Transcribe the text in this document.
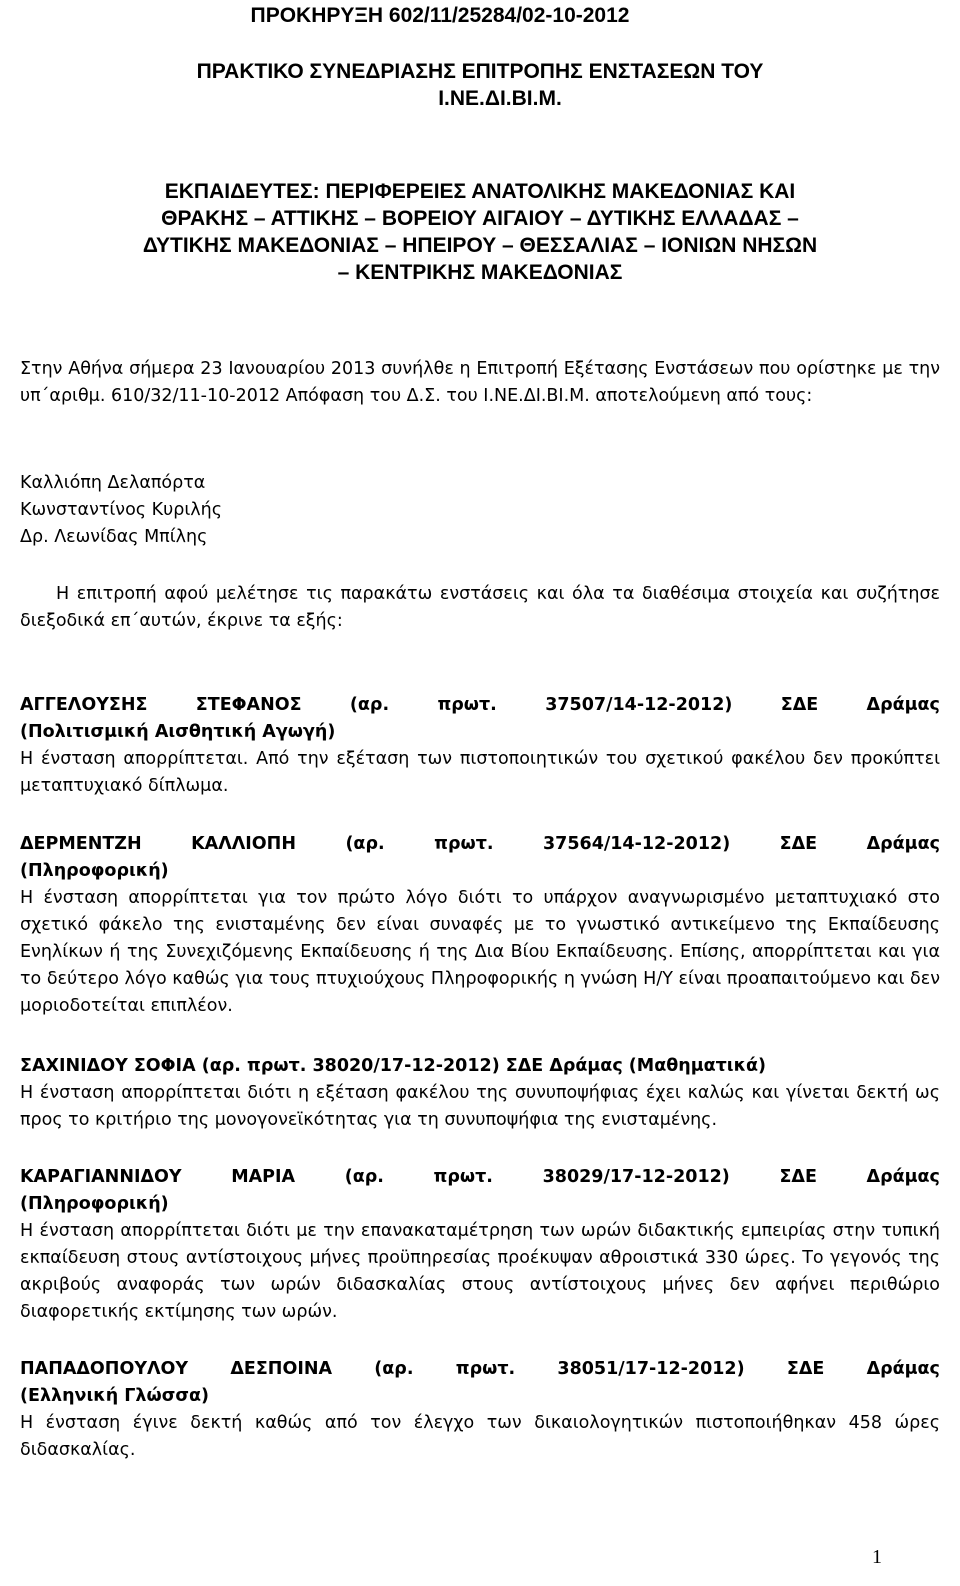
ΠΡΟΚΗΡΥΞΗ 602/11/25284/02-10-2012

ΠΡΑΚΤΙΚΟ ΣΥΝΕΔΡΙΑΣΗΣ ΕΠΙΤΡΟΠΗΣ ΕΝΣΤΑΣΕΩΝ ΤΟΥ

Ι.ΝΕ.ΔΙ.ΒΙ.Μ.

ΕΚΠΑΙΔΕΥΤΕΣ: ΠΕΡΙΦΕΡΕΙΕΣ ΑΝΑΤΟΛΙΚΗΣ ΜΑΚΕΔΟΝΙΑΣ ΚΑΙ

ΘΡΑΚΗΣ – ΑΤΤΙΚΗΣ – ΒΟΡΕΙΟΥ ΑΙΓΑΙΟΥ – ΔΥΤΙΚΗΣ ΕΛΛΑΔΑΣ –

ΔΥΤΙΚΗΣ ΜΑΚΕΔΟΝΙΑΣ – ΗΠΕΙΡΟΥ – ΘΕΣΣΑΛΙΑΣ – ΙΟΝΙΩΝ ΝΗΣΩΝ

– ΚΕΝΤΡΙΚΗΣ ΜΑΚΕΔΟΝΙΑΣ

Στην Αθήνα σήμερα 23 Ιανουαρίου 2013 συνήλθε η Επιτροπή Εξέτασης Ενστάσεων που ορίστηκε με την υπ΄αριθμ. 610/32/11-10-2012 Απόφαση του Δ.Σ. του Ι.ΝΕ.ΔΙ.ΒΙ.Μ. αποτελούμενη από τους:

Καλλιόπη Δελαπόρτα
Κωνσταντίνος Κυριλής
Δρ. Λεωνίδας Μπίλης

Η επιτροπή αφού μελέτησε τις παρακάτω ενστάσεις και όλα τα διαθέσιμα στοιχεία και συζήτησε διεξοδικά επ΄αυτών, έκρινε τα εξής:

ΑΓΓΕΛΟΥΣΗΣ	ΣΤΕΦΑΝΟΣ	(αρ.	πρωτ.	37507/14-12-2012)	ΣΔΕ	Δράμας
(Πολιτισμική Αισθητική Αγωγή)
Η ένσταση απορρίπτεται. Από την εξέταση των πιστοποιητικών του σχετικού φακέλου δεν προκύπτει μεταπτυχιακό δίπλωμα.
ΔΕΡΜΕΝΤΖΗ	ΚΑΛΛΙΟΠΗ	(αρ.	πρωτ.	37564/14-12-2012)	ΣΔΕ	Δράμας
(Πληροφορική)
Η ένσταση απορρίπτεται για τον πρώτο λόγο διότι το υπάρχον αναγνωρισμένο μεταπτυχιακό στο σχετικό φάκελο της ενισταμένης δεν είναι συναφές με το γνωστικό αντικείμενο της Εκπαίδευσης Ενηλίκων ή της Συνεχιζόμενης Εκπαίδευσης ή της Δια Βίου Εκπαίδευσης. Επίσης, απορρίπτεται και για το δεύτερο λόγο καθώς για τους πτυχιούχους Πληροφορικής η γνώση Η/Υ είναι προαπαιτούμενο και δεν μοριοδοτείται επιπλέον.
ΣΑΧΙΝΙΔΟΥ ΣΟΦΙΑ (αρ. πρωτ. 38020/17-12-2012) ΣΔΕ Δράμας (Μαθηματικά)
Η ένσταση απορρίπτεται διότι η εξέταση φακέλου της συνυποψήφιας έχει καλώς και γίνεται δεκτή ως προς το κριτήριο της μονογονεϊκότητας για τη συνυποψήφια της ενισταμένης.
ΚΑΡΑΓΙΑΝΝΙΔΟΥ	ΜΑΡΙΑ	(αρ.	πρωτ.	38029/17-12-2012)	ΣΔΕ	Δράμας
(Πληροφορική)
Η ένσταση απορρίπτεται διότι με την επανακαταμέτρηση των ωρών διδακτικής εμπειρίας στην τυπική εκπαίδευση στους αντίστοιχους μήνες προϋπηρεσίας προέκυψαν αθροιστικά 330 ώρες. Το γεγονός της ακριβούς αναφοράς των ωρών διδασκαλίας στους αντίστοιχους μήνες δεν αφήνει περιθώριο διαφορετικής εκτίμησης των ωρών.
ΠΑΠΑΔΟΠΟΥΛΟΥ ΔΕΣΠΟΙΝΑ (αρ. πρωτ. 38051/17-12-2012) ΣΔΕ Δράμας
(Ελληνική Γλώσσα)
Η ένσταση έγινε δεκτή καθώς από τον έλεγχο των δικαιολογητικών πιστοποιήθηκαν 458 ώρες διδασκαλίας.
1
